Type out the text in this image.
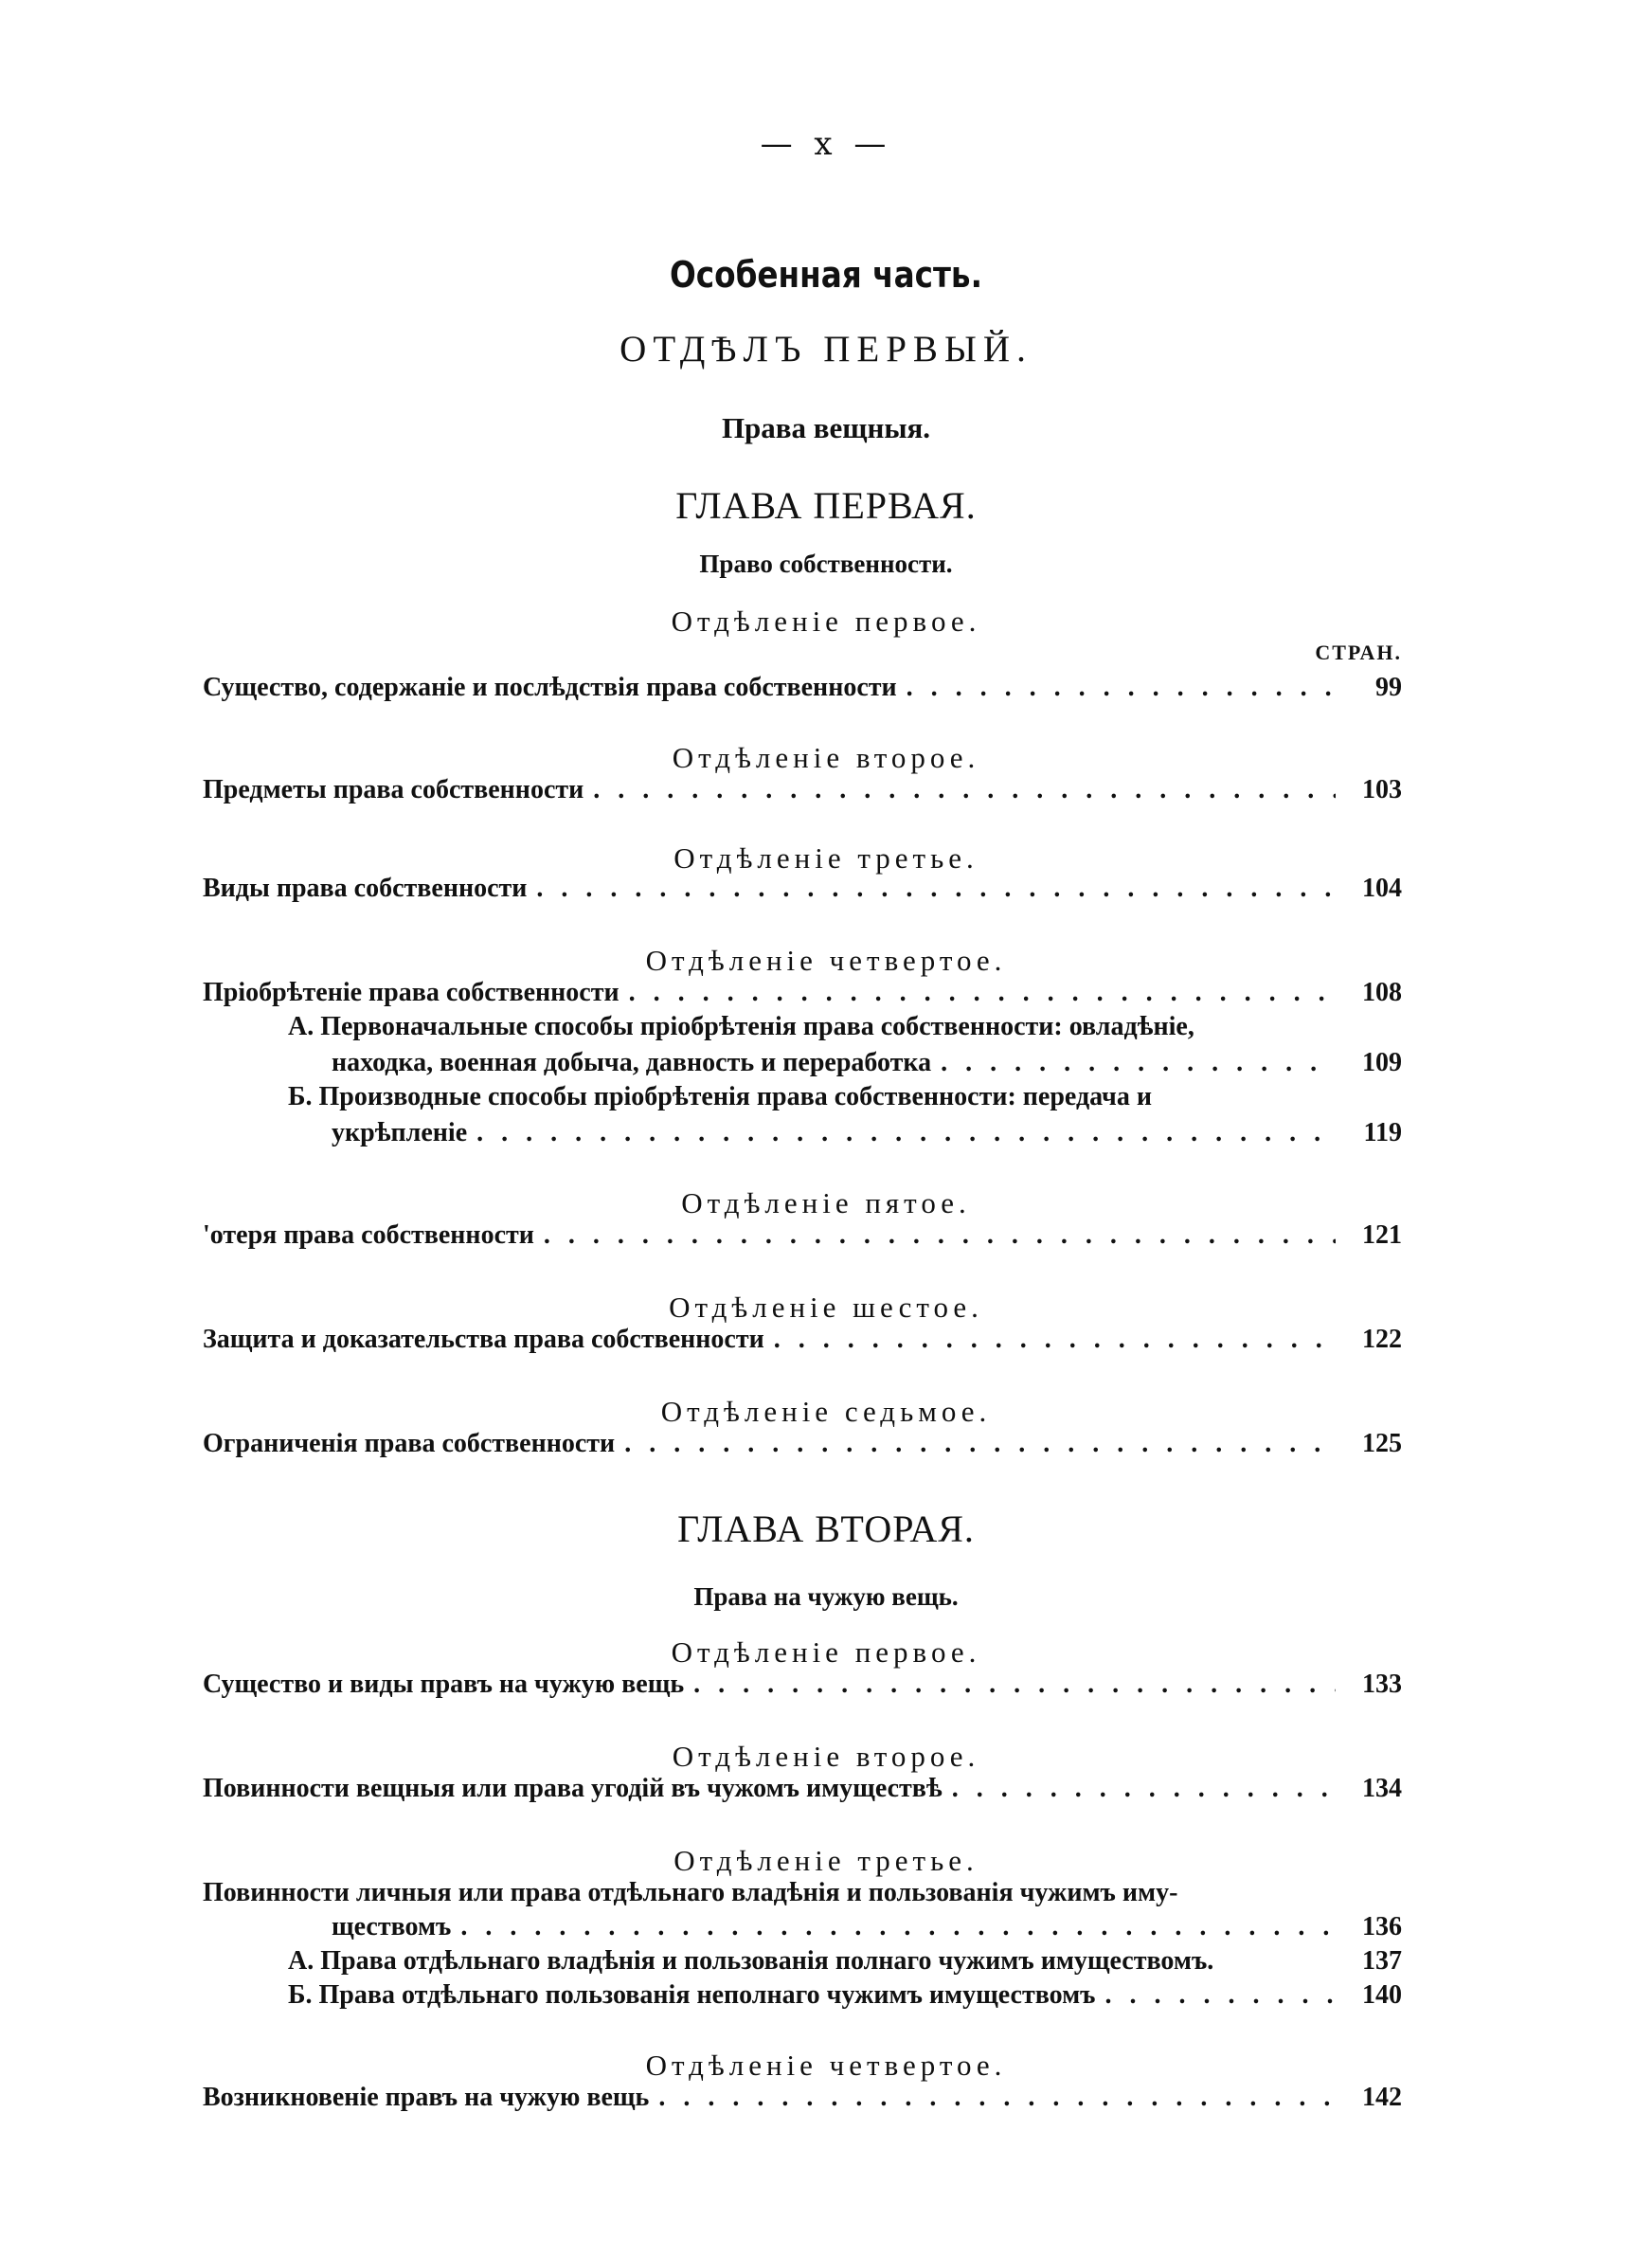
— x —
Особенная часть.
ОТДѢЛЪ ПЕРВЫЙ.
Права вещныя.
ГЛАВА ПЕРВАЯ.
Право собственности.
Отдѣленіе первое.
СТРАН.
Существо, содержаніе и послѣдствія права собственности . . .	99
Отдѣленіе второе.
Предметы права собственности . . .	103
Отдѣленіе третье.
Виды права собственности . . .	104
Отдѣленіе четвертое.
Пріобрѣтеніе права собственности . . .	108
А. Первоначальные способы пріобрѣтенія права собственности: овладѣніе,
находка, военная добыча, давность и переработка . . .	109
Б. Производные способы пріобрѣтенія права собственности: передача и
укрѣпленіе . . .	119
Отдѣленіе пятое.
'отеря права собственности . . .	121
Отдѣленіе шестое.
Защита и доказательства права собственности . . .	122
Отдѣленіе седьмое.
Ограниченія права собственности . . .	125
ГЛАВА ВТОРАЯ.
Права на чужую вещь.
Отдѣленіе первое.
Существо и виды правъ на чужую вещь . . .	133
Отдѣленіе второе.
Повинности вещныя или права угодій въ чужомъ имуществѣ . . .	134
Отдѣленіе третье.
Повинности личныя или права отдѣльнаго владѣнія и пользованія чужимъ иму-
ществомъ . . .	136
А. Права отдѣльнаго владѣнія и пользованія полнаго чужимъ имуществомъ.	137
Б. Права отдѣльнаго пользованія неполнаго чужимъ имуществомъ . . .	140
Отдѣленіе четвертое.
Возникновеніе правъ на чужую вещь . . .	142
